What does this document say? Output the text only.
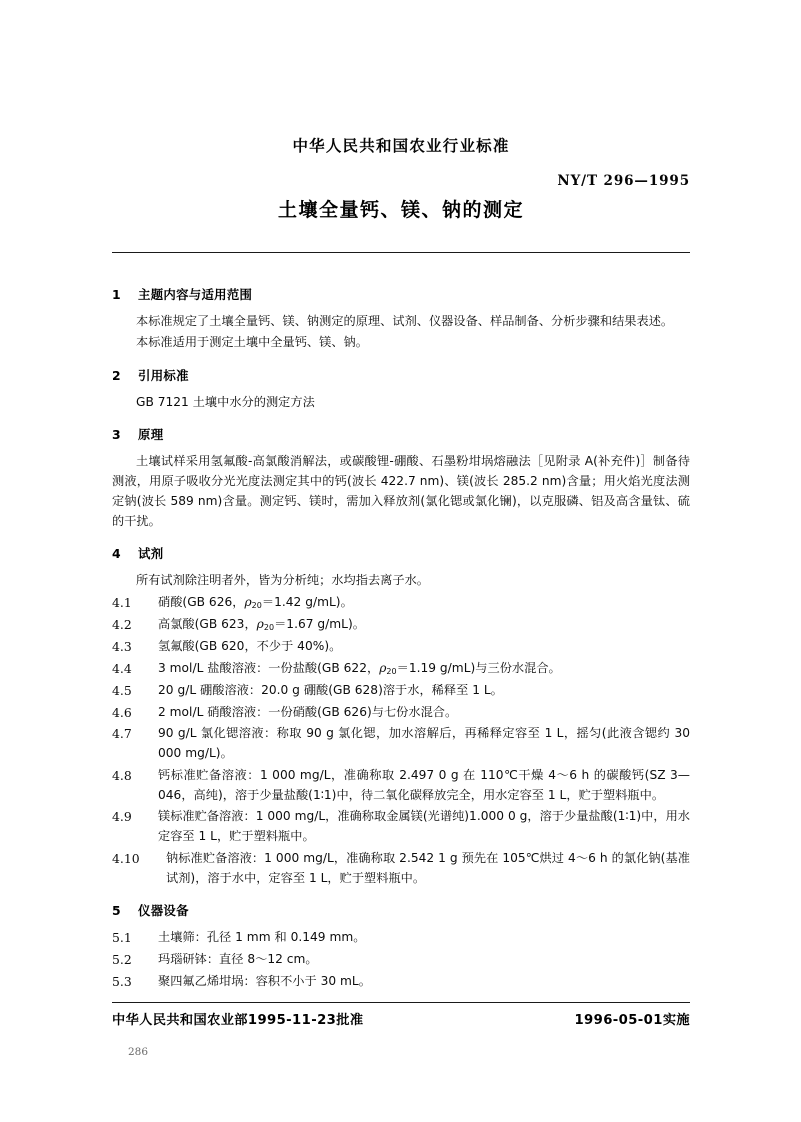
中华人民共和国农业行业标准
NY/T 296—1995
土壤全量钙、镁、钠的测定
1 主题内容与适用范围

本标准规定了土壤全量钙、镁、钠测定的原理、试剂、仪器设备、样品制备、分析步骤和结果表述。

本标准适用于测定土壤中全量钙、镁、钠。

2 引用标准

GB 7121 土壤中水分的测定方法

3 原理

土壤试样采用氢氟酸-高氯酸消解法，或碳酸锂-硼酸、石墨粉坩埚熔融法［见附录 A(补充件)］制备待测液，用原子吸收分光光度法测定其中的钙(波长 422.7 nm)、镁(波长 285.2 nm)含量；用火焰光度法测定钠(波长 589 nm)含量。测定钙、镁时，需加入释放剂(氯化锶或氯化镧)，以克服磷、铝及高含量钛、硫的干扰。

4 试剂

所有试剂除注明者外，皆为分析纯；水均指去离子水。

4.1	硝酸(GB 626，$\rho_{20}=1.42$ g/mL)。
4.2	高氯酸(GB 623，$\rho_{20}=1.67$ g/mL)。
4.3	氢氟酸(GB 620，不少于 40%)。
4.4	3 mol/L 盐酸溶液：一份盐酸(GB 622，$\rho_{20}=1.19$ g/mL)与三份水混合。
4.5	20 g/L 硼酸溶液：20.0 g 硼酸(GB 628)溶于水，稀释至 1 L。
4.6	2 mol/L 硝酸溶液：一份硝酸(GB 626)与七份水混合。
4.7	90 g/L 氯化锶溶液：称取 90 g 氯化锶，加水溶解后，再稀释定容至 1 L，摇匀(此液含锶约 30 000 mg/L)。
4.8	钙标准贮备溶液：1 000 mg/L，准确称取 2.497 0 g 在 110℃干燥 4～6 h 的碳酸钙(SZ 3—046，高纯)，溶于少量盐酸(1∶1)中，待二氧化碳释放完全，用水定容至 1 L，贮于塑料瓶中。
4.9	镁标准贮备溶液：1 000 mg/L，准确称取金属镁(光谱纯)1.000 0 g，溶于少量盐酸(1∶1)中，用水定容至 1 L，贮于塑料瓶中。
4.10	钠标准贮备溶液：1 000 mg/L，准确称取 2.542 1 g 预先在 105℃烘过 4～6 h 的氯化钠(基准试剂)，溶于水中，定容至 1 L，贮于塑料瓶中。
5 仪器设备
5.1	土壤筛：孔径 1 mm 和 0.149 mm。
5.2	玛瑙研钵：直径 8～12 cm。
5.3	聚四氟乙烯坩埚：容积不小于 30 mL。
中华人民共和国农业部1995-11-23批准	1996-05-01实施
286
